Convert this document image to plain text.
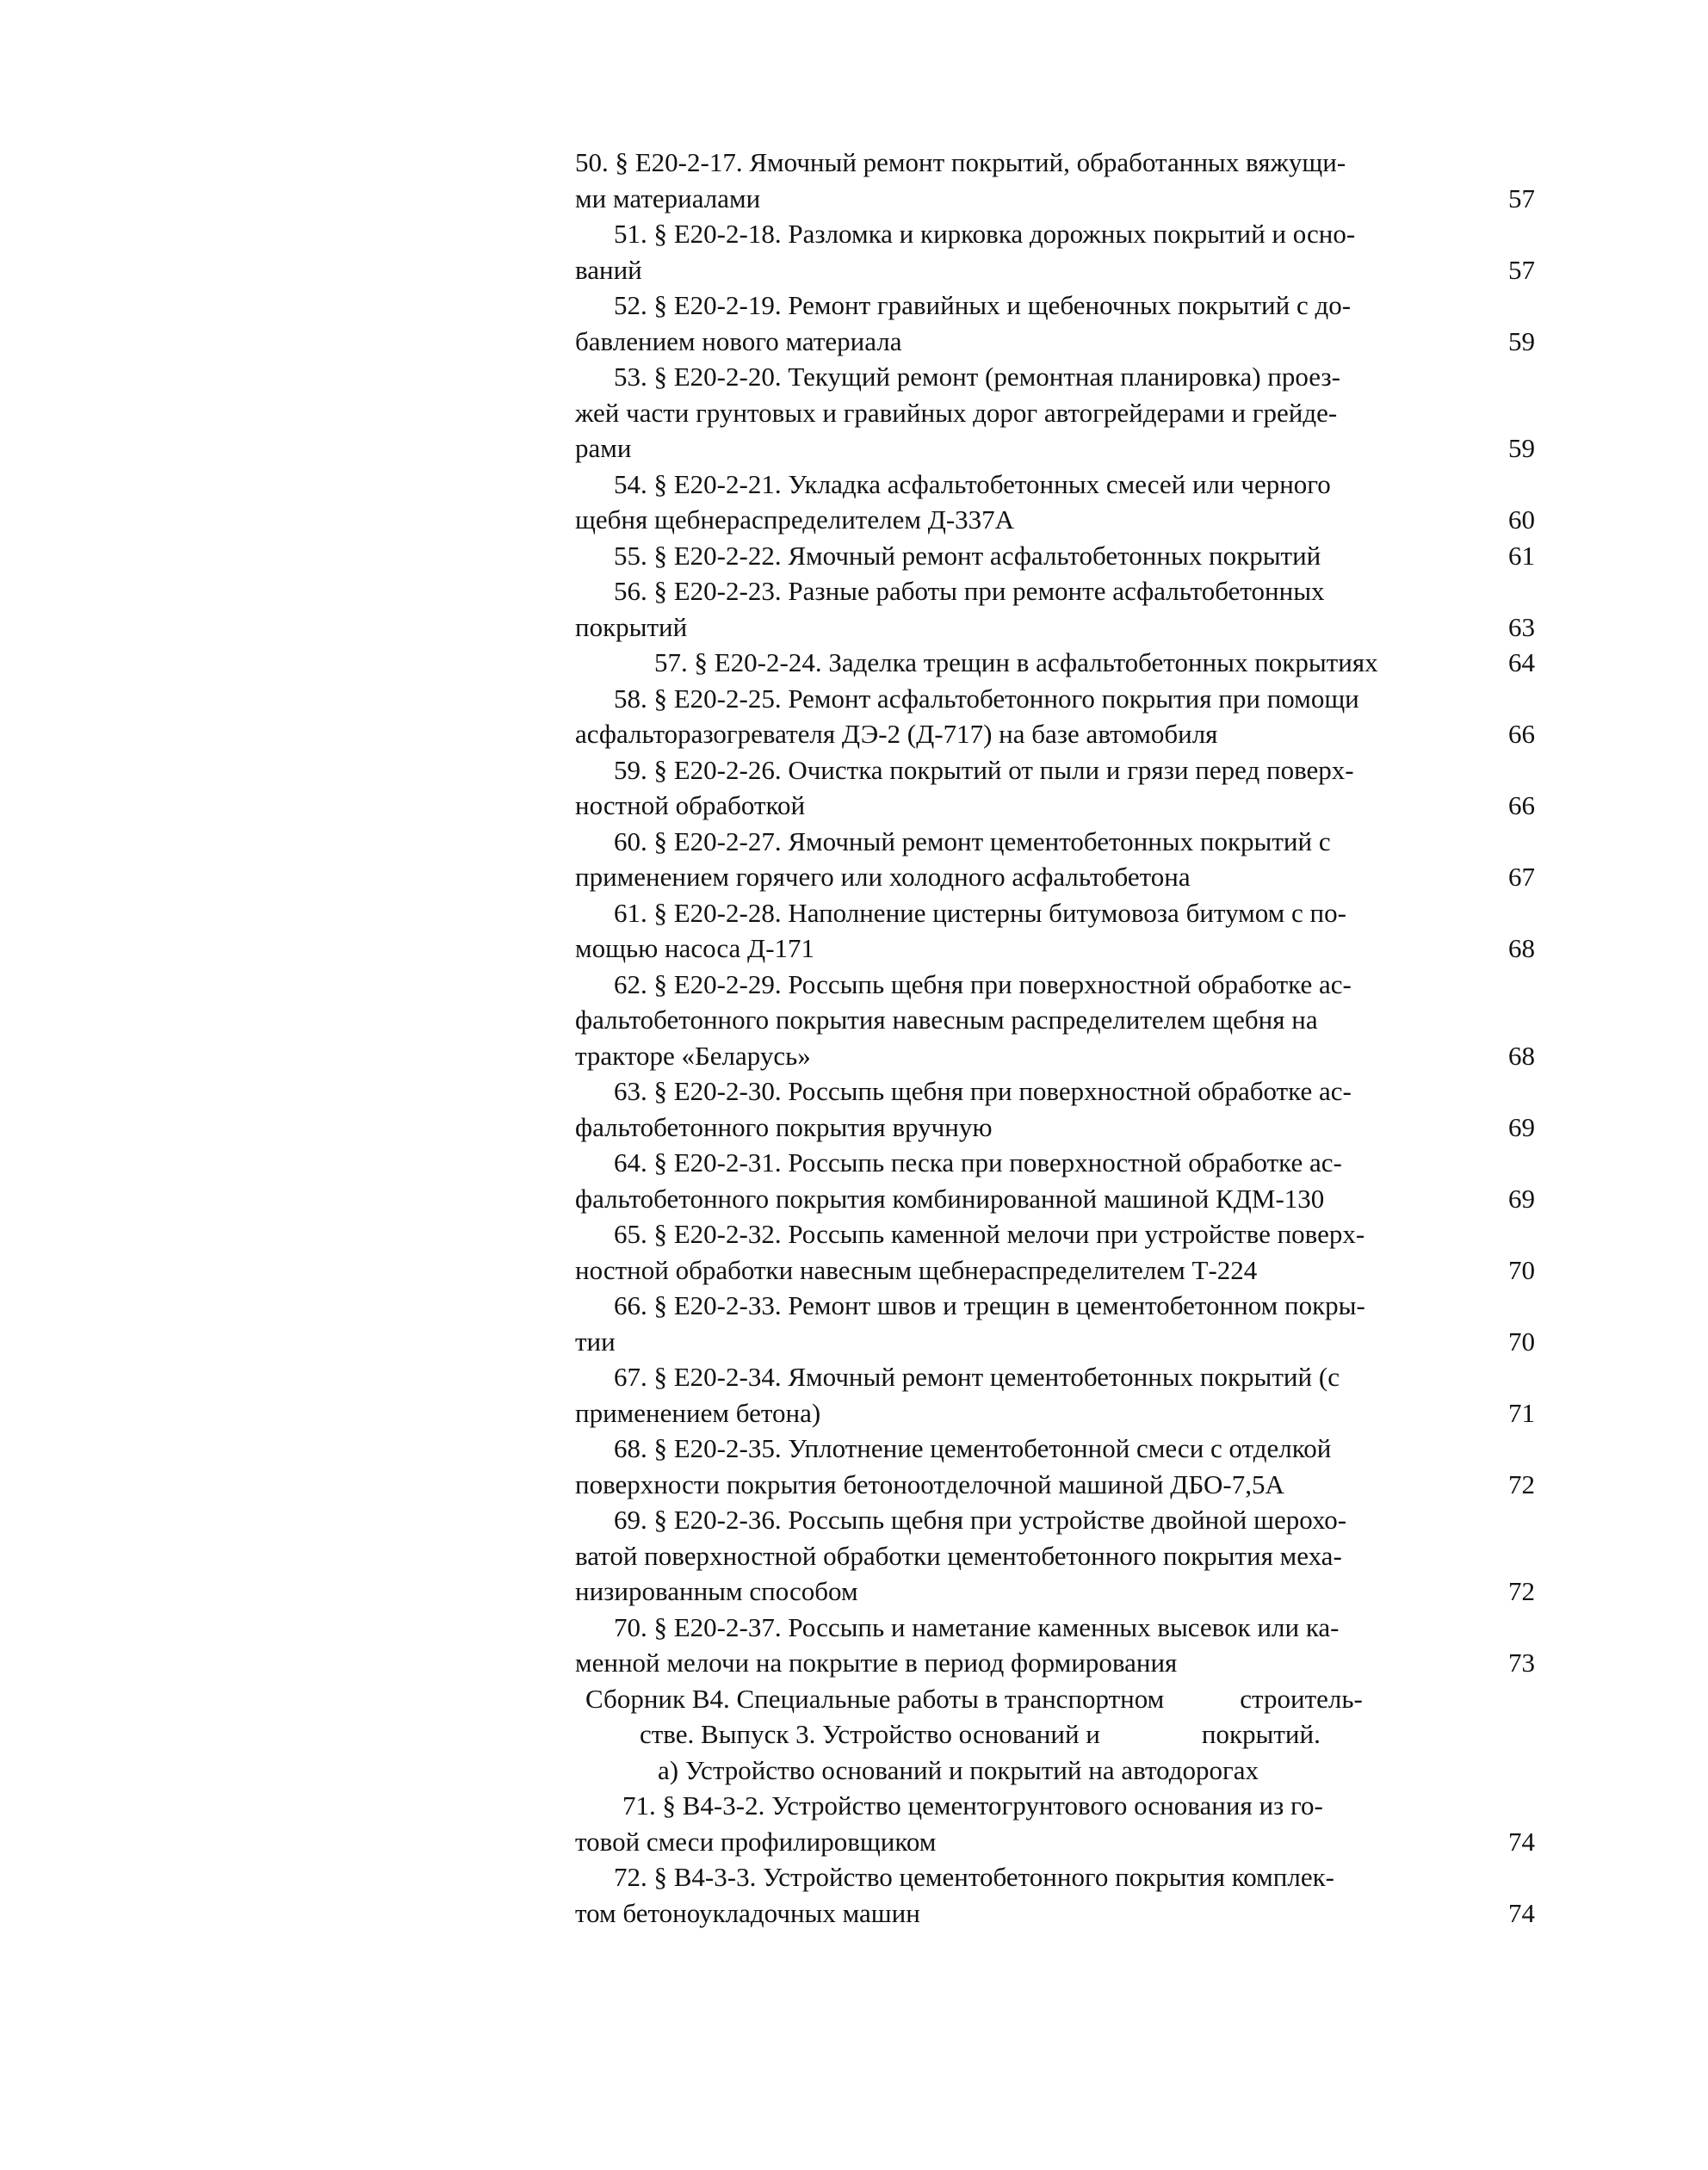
50. § Е20-2-17. Ямочный ремонт покрытий, обработанных вяжущи-
ми материалами	57
51. § Е20-2-18. Разломка и кирковка дорожных покрытий и осно-
ваний	57
52. § Е20-2-19. Ремонт гравийных и щебеночных покрытий с до-
бавлением нового материала	59
53. § Е20-2-20. Текущий ремонт (ремонтная планировка) проез-
жей части грунтовых и гравийных дорог автогрейдерами и грейде-
рами	59
54. § Е20-2-21. Укладка асфальтобетонных смесей или черного
щебня щебнераспределителем Д-337А	60
55. § Е20-2-22. Ямочный ремонт асфальтобетонных покрытий	61
56. § Е20-2-23. Разные работы при ремонте асфальтобетонных
покрытий	63
57. § Е20-2-24. Заделка трещин в асфальтобетонных покрытиях	64
58. § Е20-2-25. Ремонт асфальтобетонного покрытия при помощи
асфальторазогревателя ДЭ-2 (Д-717) на базе автомобиля	66
59. § Е20-2-26. Очистка покрытий от пыли и грязи перед поверх-
ностной обработкой	66
60. § Е20-2-27. Ямочный ремонт цементобетонных покрытий с
применением горячего или холодного асфальтобетона	67
61. § Е20-2-28. Наполнение цистерны битумовоза битумом с по-
мощью насоса Д-171	68
62. § Е20-2-29. Россыпь щебня при поверхностной обработке ас-
фальтобетонного покрытия навесным распределителем щебня на
тракторе «Беларусь»	68
63. § Е20-2-30. Россыпь щебня при поверхностной обработке ас-
фальтобетонного покрытия вручную	69
64. § Е20-2-31. Россыпь песка при поверхностной обработке ас-
фальтобетонного покрытия комбинированной машиной КДМ-130	69
65. § Е20-2-32. Россыпь каменной мелочи при устройстве поверх-
ностной обработки навесным щебнераспределителем Т-224	70
66. § Е20-2-33. Ремонт швов и трещин в цементобетонном покры-
тии	70
67. § Е20-2-34. Ямочный ремонт цементобетонных покрытий (с
применением бетона)	71
68. § Е20-2-35. Уплотнение цементобетонной смеси с отделкой
поверхности покрытия бетоноотделочной машиной ДБО-7,5А	72
69. § Е20-2-36. Россыпь щебня при устройстве двойной шерохо-
ватой поверхностной обработки цементобетонного покрытия меха-
низированным способом	72
70. § Е20-2-37. Россыпь и наметание каменных высевок или ка-
менной мелочи на покрытие в период формирования	73
Сборник В4. Специальные работы в транспортном	строитель-
стве. Выпуск 3. Устройство оснований и	покрытий.
а) Устройство оснований и покрытий на автодорогах
71. § В4-3-2. Устройство цементогрунтового основания из го-
товой смеси профилировщиком	74
72. § В4-3-3. Устройство цементобетонного покрытия комплек-
том бетоноукладочных машин	74
